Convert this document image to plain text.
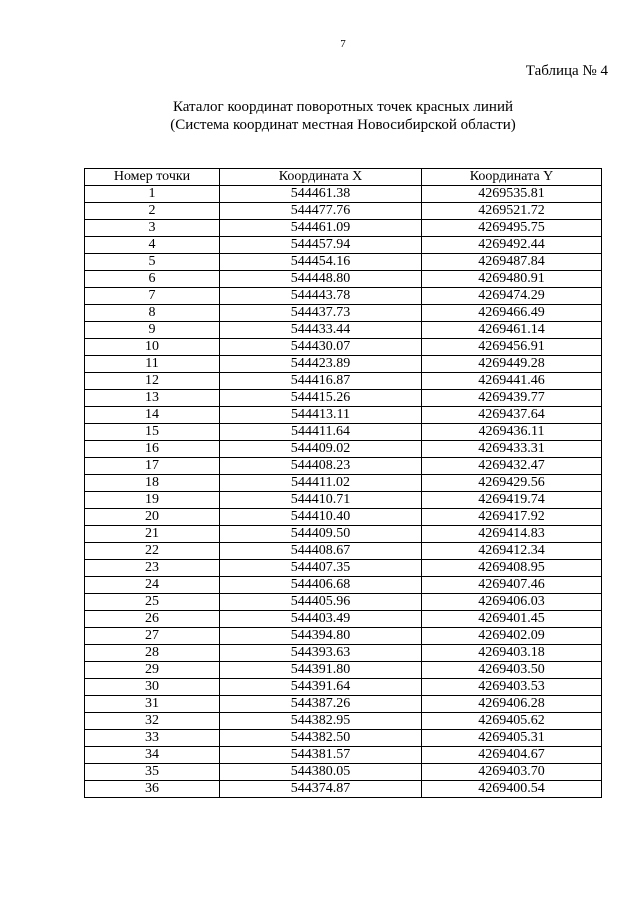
7
Таблица № 4
Каталог координат поворотных точек красных линий
(Система координат местная Новосибирской области)
Номер точки	Координата X	Координата Y
1	544461.38	4269535.81
2	544477.76	4269521.72
3	544461.09	4269495.75
4	544457.94	4269492.44
5	544454.16	4269487.84
6	544448.80	4269480.91
7	544443.78	4269474.29
8	544437.73	4269466.49
9	544433.44	4269461.14
10	544430.07	4269456.91
11	544423.89	4269449.28
12	544416.87	4269441.46
13	544415.26	4269439.77
14	544413.11	4269437.64
15	544411.64	4269436.11
16	544409.02	4269433.31
17	544408.23	4269432.47
18	544411.02	4269429.56
19	544410.71	4269419.74
20	544410.40	4269417.92
21	544409.50	4269414.83
22	544408.67	4269412.34
23	544407.35	4269408.95
24	544406.68	4269407.46
25	544405.96	4269406.03
26	544403.49	4269401.45
27	544394.80	4269402.09
28	544393.63	4269403.18
29	544391.80	4269403.50
30	544391.64	4269403.53
31	544387.26	4269406.28
32	544382.95	4269405.62
33	544382.50	4269405.31
34	544381.57	4269404.67
35	544380.05	4269403.70
36	544374.87	4269400.54
